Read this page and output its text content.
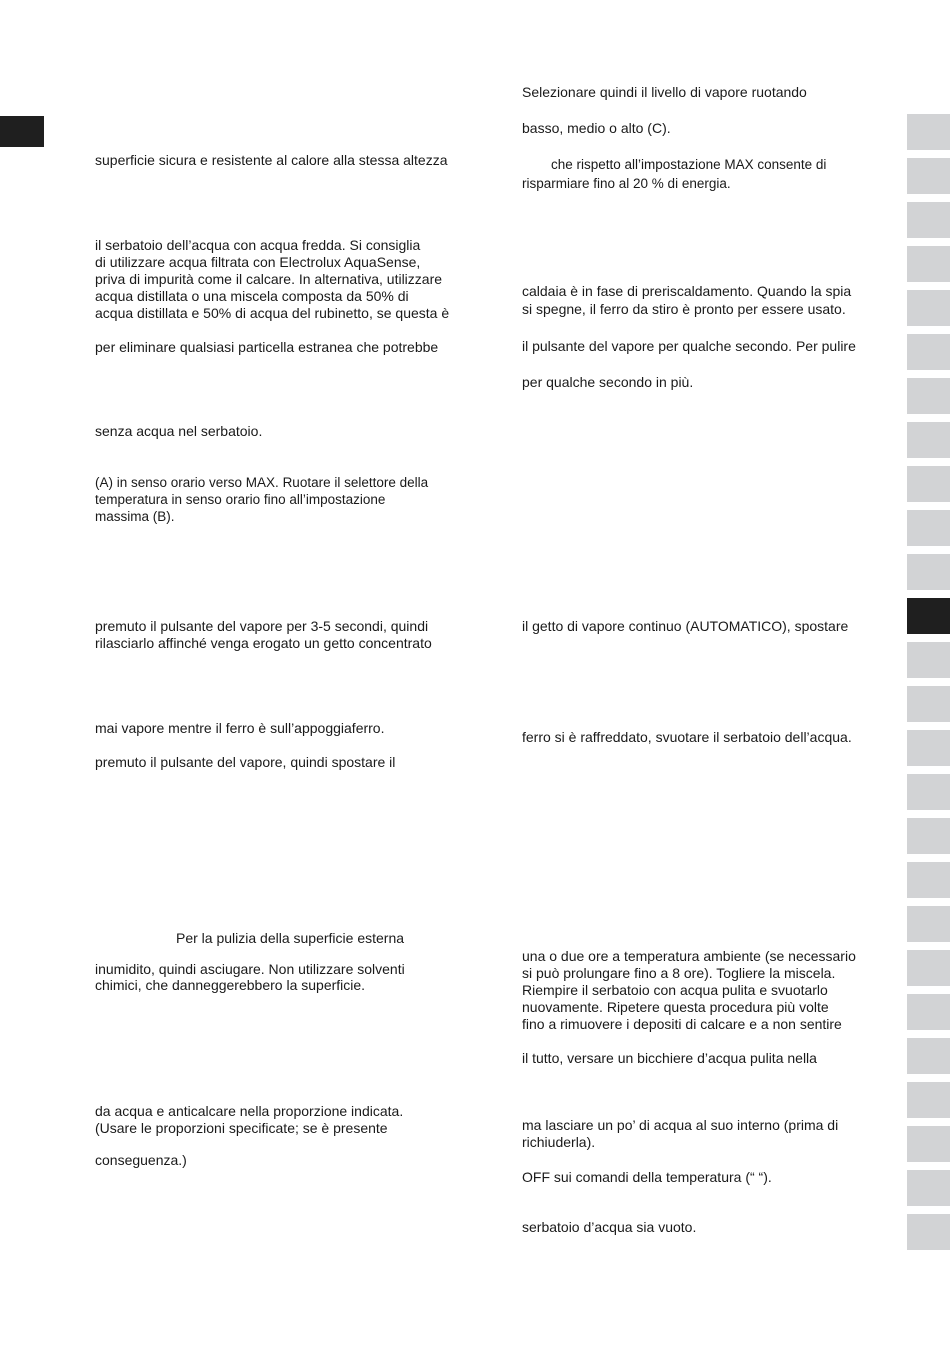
superficie sicura e resistente al calore alla stessa altezza

il serbatoio dell’acqua con acqua fredda. Si consiglia

di utilizzare acqua filtrata con Electrolux AquaSense,

priva di impurità come il calcare. In alternativa, utilizzare

acqua distillata o una miscela composta da 50% di

acqua distillata e 50% di acqua del rubinetto, se questa è

per eliminare qualsiasi particella estranea che potrebbe

senza acqua nel serbatoio.

(A) in senso orario verso MAX. Ruotare il selettore della

temperatura in senso orario fino all’impostazione

massima (B).

premuto il pulsante del vapore per 3-5 secondi, quindi

rilasciarlo affinché venga erogato un getto concentrato

mai vapore mentre il ferro è sull’appoggiaferro.

premuto il pulsante del vapore, quindi spostare il

Per la pulizia della superficie esterna

inumidito, quindi asciugare. Non utilizzare solventi

chimici, che danneggerebbero la superficie.

da acqua e anticalcare nella proporzione indicata.

(Usare le proporzioni specificate; se è presente

conseguenza.)

Selezionare quindi il livello di vapore ruotando

basso, medio o alto (C).

che rispetto all’impostazione MAX consente di

risparmiare fino al 20 % di energia.

caldaia è in fase di preriscaldamento. Quando la spia

si spegne, il ferro da stiro è pronto per essere usato.

il pulsante del vapore per qualche secondo. Per pulire

per qualche secondo in più.

il getto di vapore continuo (AUTOMATICO), spostare

ferro si è raffreddato, svuotare il serbatoio dell’acqua.

una o due ore a temperatura ambiente (se necessario

si può prolungare fino a 8 ore). Togliere la miscela.

Riempire il serbatoio con acqua pulita e svuotarlo

nuovamente. Ripetere questa procedura più volte

fino a rimuovere i depositi di calcare e a non sentire

il tutto, versare un bicchiere d’acqua pulita nella

ma lasciare un po’ di acqua al suo interno (prima di

richiuderla).

OFF sui comandi della temperatura (“ “).

serbatoio d’acqua sia vuoto.
